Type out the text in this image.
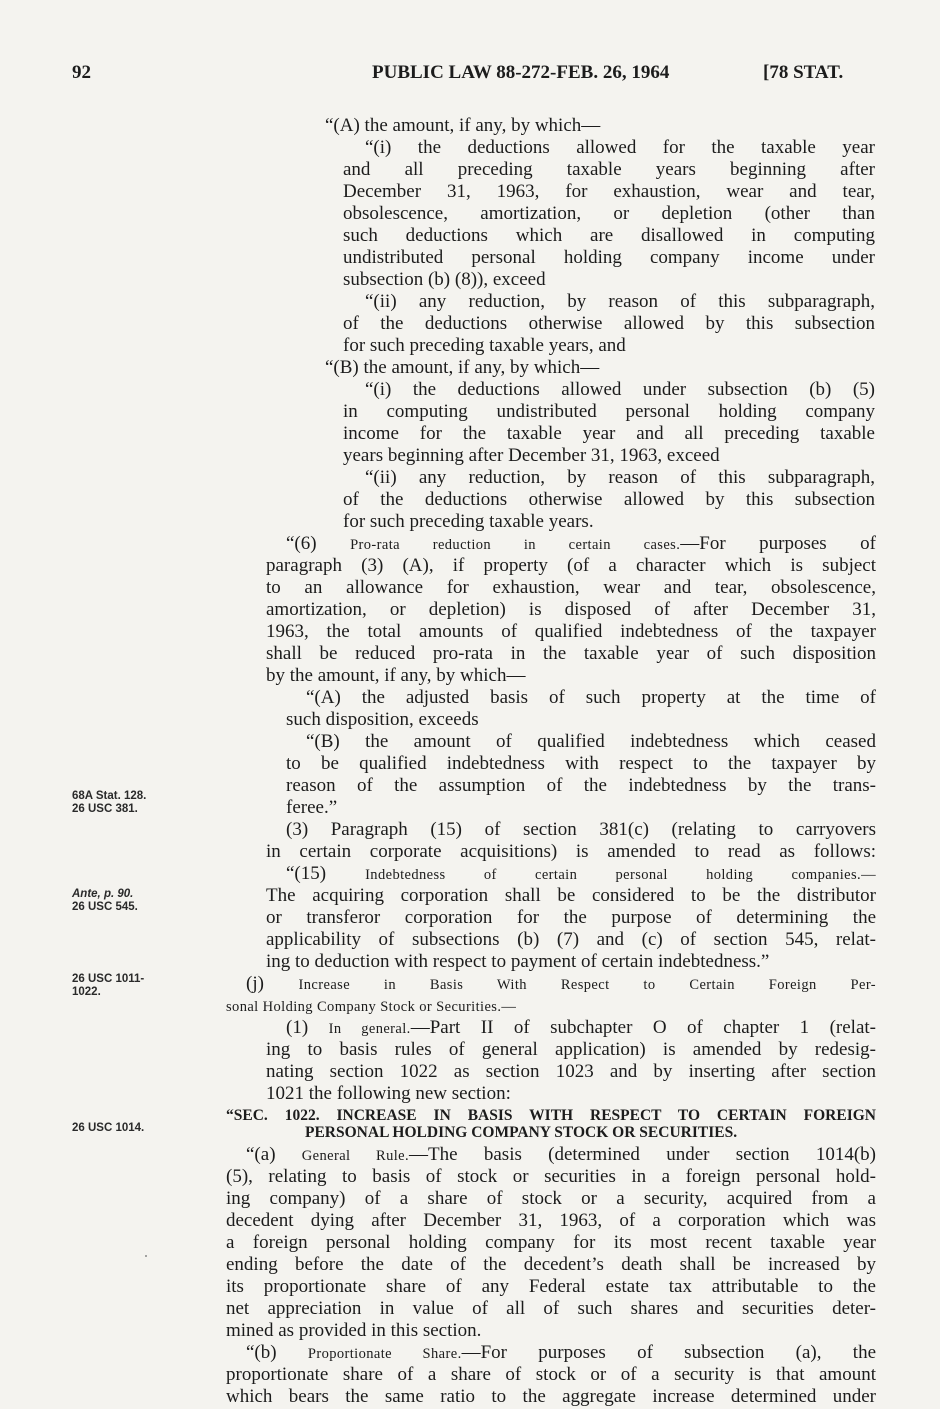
92	PUBLIC LAW 88-272-FEB. 26, 1964	[78 STAT.
68A Stat. 128.
26 USC 381.
Ante, p. 90.
26 USC 545.
26 USC 1011-
1022.
26 USC 1014.
“(A) the amount, if any, by which—
“(i) the deductions allowed for the taxable year
and all preceding taxable years beginning after
December 31, 1963, for exhaustion, wear and tear,
obsolescence, amortization, or depletion (other than
such deductions which are disallowed in computing
undistributed personal holding company income under
subsection (b) (8)), exceed
“(ii) any reduction, by reason of this subparagraph,
of the deductions otherwise allowed by this subsection
for such preceding taxable years, and
“(B) the amount, if any, by which—
“(i) the deductions allowed under subsection (b) (5)
in computing undistributed personal holding company
income for the taxable year and all preceding taxable
years beginning after December 31, 1963, exceed
“(ii) any reduction, by reason of this subparagraph,
of the deductions otherwise allowed by this subsection
for such preceding taxable years.
“(6) Pro-rata reduction in certain cases.—For purposes of
paragraph (3) (A), if property (of a character which is subject
to an allowance for exhaustion, wear and tear, obsolescence,
amortization, or depletion) is disposed of after December 31,
1963, the total amounts of qualified indebtedness of the taxpayer
shall be reduced pro-rata in the taxable year of such disposition
by the amount, if any, by which—
“(A) the adjusted basis of such property at the time of
such disposition, exceeds
“(B) the amount of qualified indebtedness which ceased
to be qualified indebtedness with respect to the taxpayer by
reason of the assumption of the indebtedness by the trans-
feree.”
(3) Paragraph (15) of section 381(c) (relating to carryovers
in certain corporate acquisitions) is amended to read as follows:
“(15) Indebtedness of certain personal holding companies.—
The acquiring corporation shall be considered to be the distributor
or transferor corporation for the purpose of determining the
applicability of subsections (b) (7) and (c) of section 545, relat-
ing to deduction with respect to payment of certain indebtedness.”
(j) Increase in Basis With Respect to Certain Foreign Per-
sonal Holding Company Stock or Securities.—
(1) In general.—Part II of subchapter O of chapter 1 (relat-
ing to basis rules of general application) is amended by redesig-
nating section 1022 as section 1023 and by inserting after section
1021 the following new section:
“SEC. 1022. INCREASE IN BASIS WITH RESPECT TO CERTAIN FOREIGN
PERSONAL HOLDING COMPANY STOCK OR SECURITIES.
“(a) General Rule.—The basis (determined under section 1014(b)
(5), relating to basis of stock or securities in a foreign personal hold-
ing company) of a share of stock or a security, acquired from a
decedent dying after December 31, 1963, of a corporation which was
a foreign personal holding company for its most recent taxable year
ending before the date of the decedent’s death shall be increased by
its proportionate share of any Federal estate tax attributable to the
net appreciation in value of all of such shares and securities deter-
mined as provided in this section.
“(b) Proportionate Share.—For purposes of subsection (a), the
proportionate share of a share of stock or of a security is that amount
which bears the same ratio to the aggregate increase determined under
